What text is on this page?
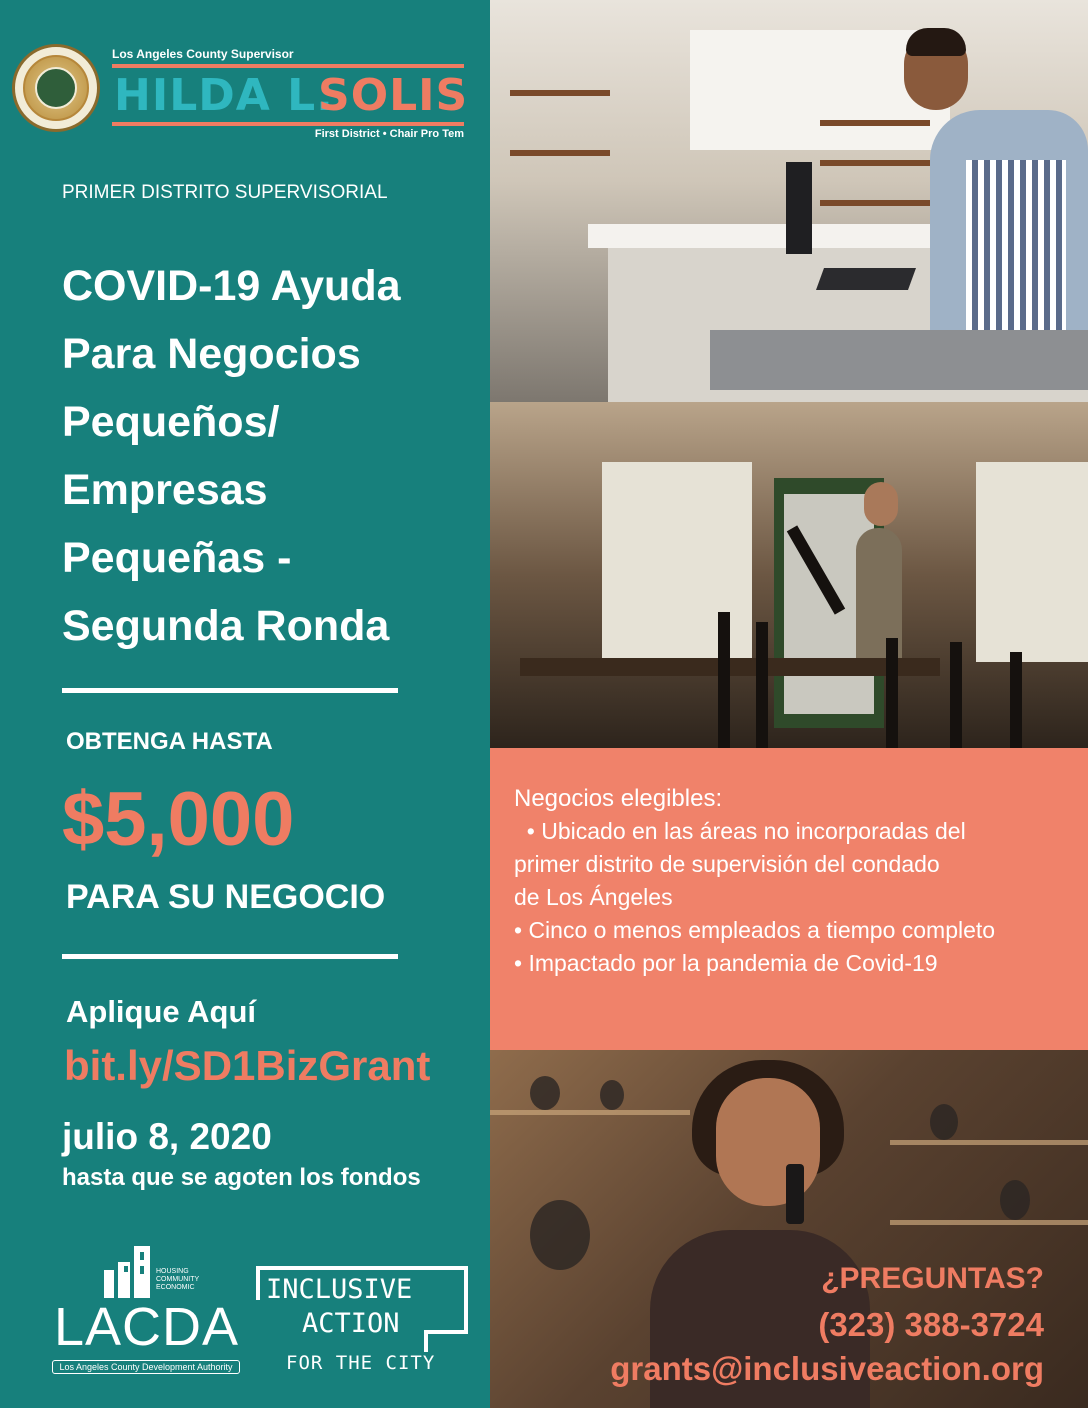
Los Angeles County Supervisor
HILDA L.
SOLIS
First District • Chair Pro Tem
PRIMER DISTRITO SUPERVISORIAL
COVID-19 Ayuda
Para Negocios
Pequeños/
Empresas
Pequeñas -
Segunda Ronda
OBTENGA HASTA
$5,000
PARA SU NEGOCIO
Aplique Aquí
bit.ly/SD1BizGrant
julio 8, 2020
hasta que se agoten los fondos
HOUSING COMMUNITY ECONOMIC
LACDA
Los Angeles County Development Authority
INCLUSIVE
ACTION
FOR THE CITY
Negocios elegibles:
• Ubicado en las áreas no incorporadas del
primer distrito de supervisión del condado
de Los Ángeles
• Cinco o menos empleados a tiempo completo
• Impactado por la pandemia de Covid-19
¿PREGUNTAS?
(323) 388-3724
grants@inclusiveaction.org
